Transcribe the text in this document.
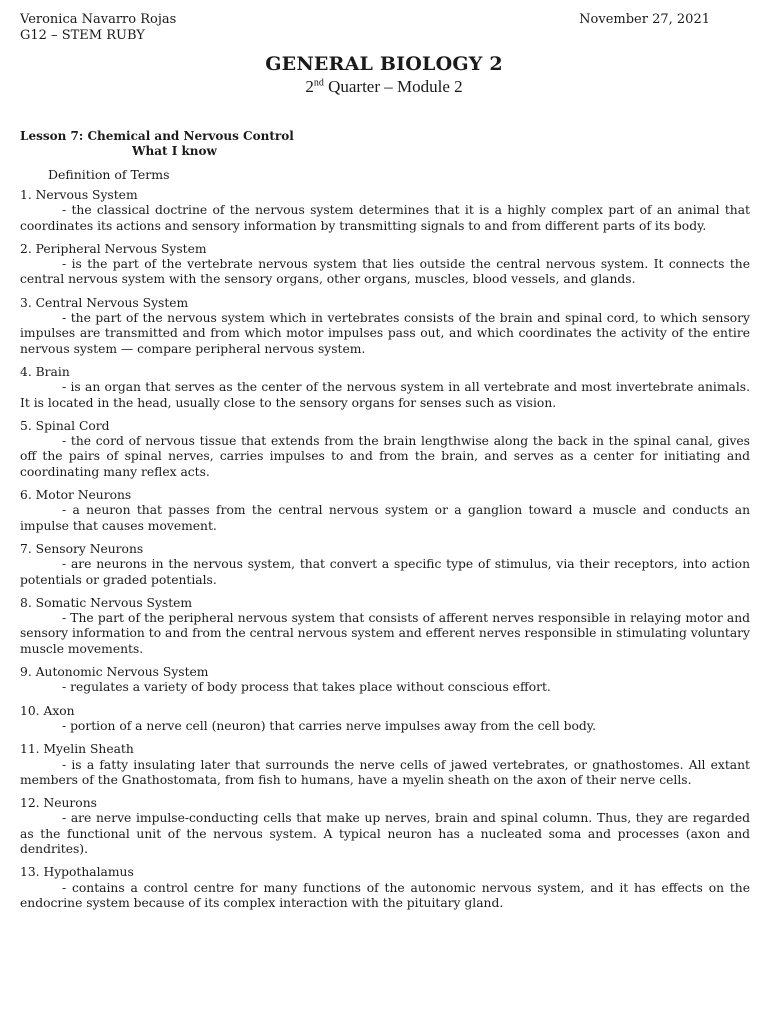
Veronica Navarro Rojas
G12 – STEM RUBY
November 27, 2021
GENERAL BIOLOGY 2
2nd Quarter – Module 2
Lesson 7: Chemical and Nervous Control
What I know
Definition of Terms
1. Nervous System
- the classical doctrine of the nervous system determines that it is a highly complex part of an animal that coordinates its actions and sensory information by transmitting signals to and from different parts of its body.
2. Peripheral Nervous System
- is the part of the vertebrate nervous system that lies outside the central nervous system. It connects the central nervous system with the sensory organs, other organs, muscles, blood vessels, and glands.
3. Central Nervous System
- the part of the nervous system which in vertebrates consists of the brain and spinal cord, to which sensory impulses are transmitted and from which motor impulses pass out, and which coordinates the activity of the entire nervous system — compare peripheral nervous system.
4. Brain
- is an organ that serves as the center of the nervous system in all vertebrate and most invertebrate animals. It is located in the head, usually close to the sensory organs for senses such as vision.
5. Spinal Cord
- the cord of nervous tissue that extends from the brain lengthwise along the back in the spinal canal, gives off the pairs of spinal nerves, carries impulses to and from the brain, and serves as a center for initiating and coordinating many reflex acts.
6. Motor Neurons
- a neuron that passes from the central nervous system or a ganglion toward a muscle and conducts an impulse that causes movement.
7. Sensory Neurons
- are neurons in the nervous system, that convert a specific type of stimulus, via their receptors, into action potentials or graded potentials.
8. Somatic Nervous System
- The part of the peripheral nervous system that consists of afferent nerves responsible in relaying motor and sensory information to and from the central nervous system and efferent nerves responsible in stimulating voluntary muscle movements.
9. Autonomic Nervous System
- regulates a variety of body process that takes place without conscious effort.
10. Axon
- portion of a nerve cell (neuron) that carries nerve impulses away from the cell body.
11. Myelin Sheath
- is a fatty insulating later that surrounds the nerve cells of jawed vertebrates, or gnathostomes. All extant members of the Gnathostomata, from fish to humans, have a myelin sheath on the axon of their nerve cells.
12. Neurons
- are nerve impulse-conducting cells that make up nerves, brain and spinal column. Thus, they are regarded as the functional unit of the nervous system. A typical neuron has a nucleated soma and processes (axon and dendrites).
13. Hypothalamus
- contains a control centre for many functions of the autonomic nervous system, and it has effects on the endocrine system because of its complex interaction with the pituitary gland.
